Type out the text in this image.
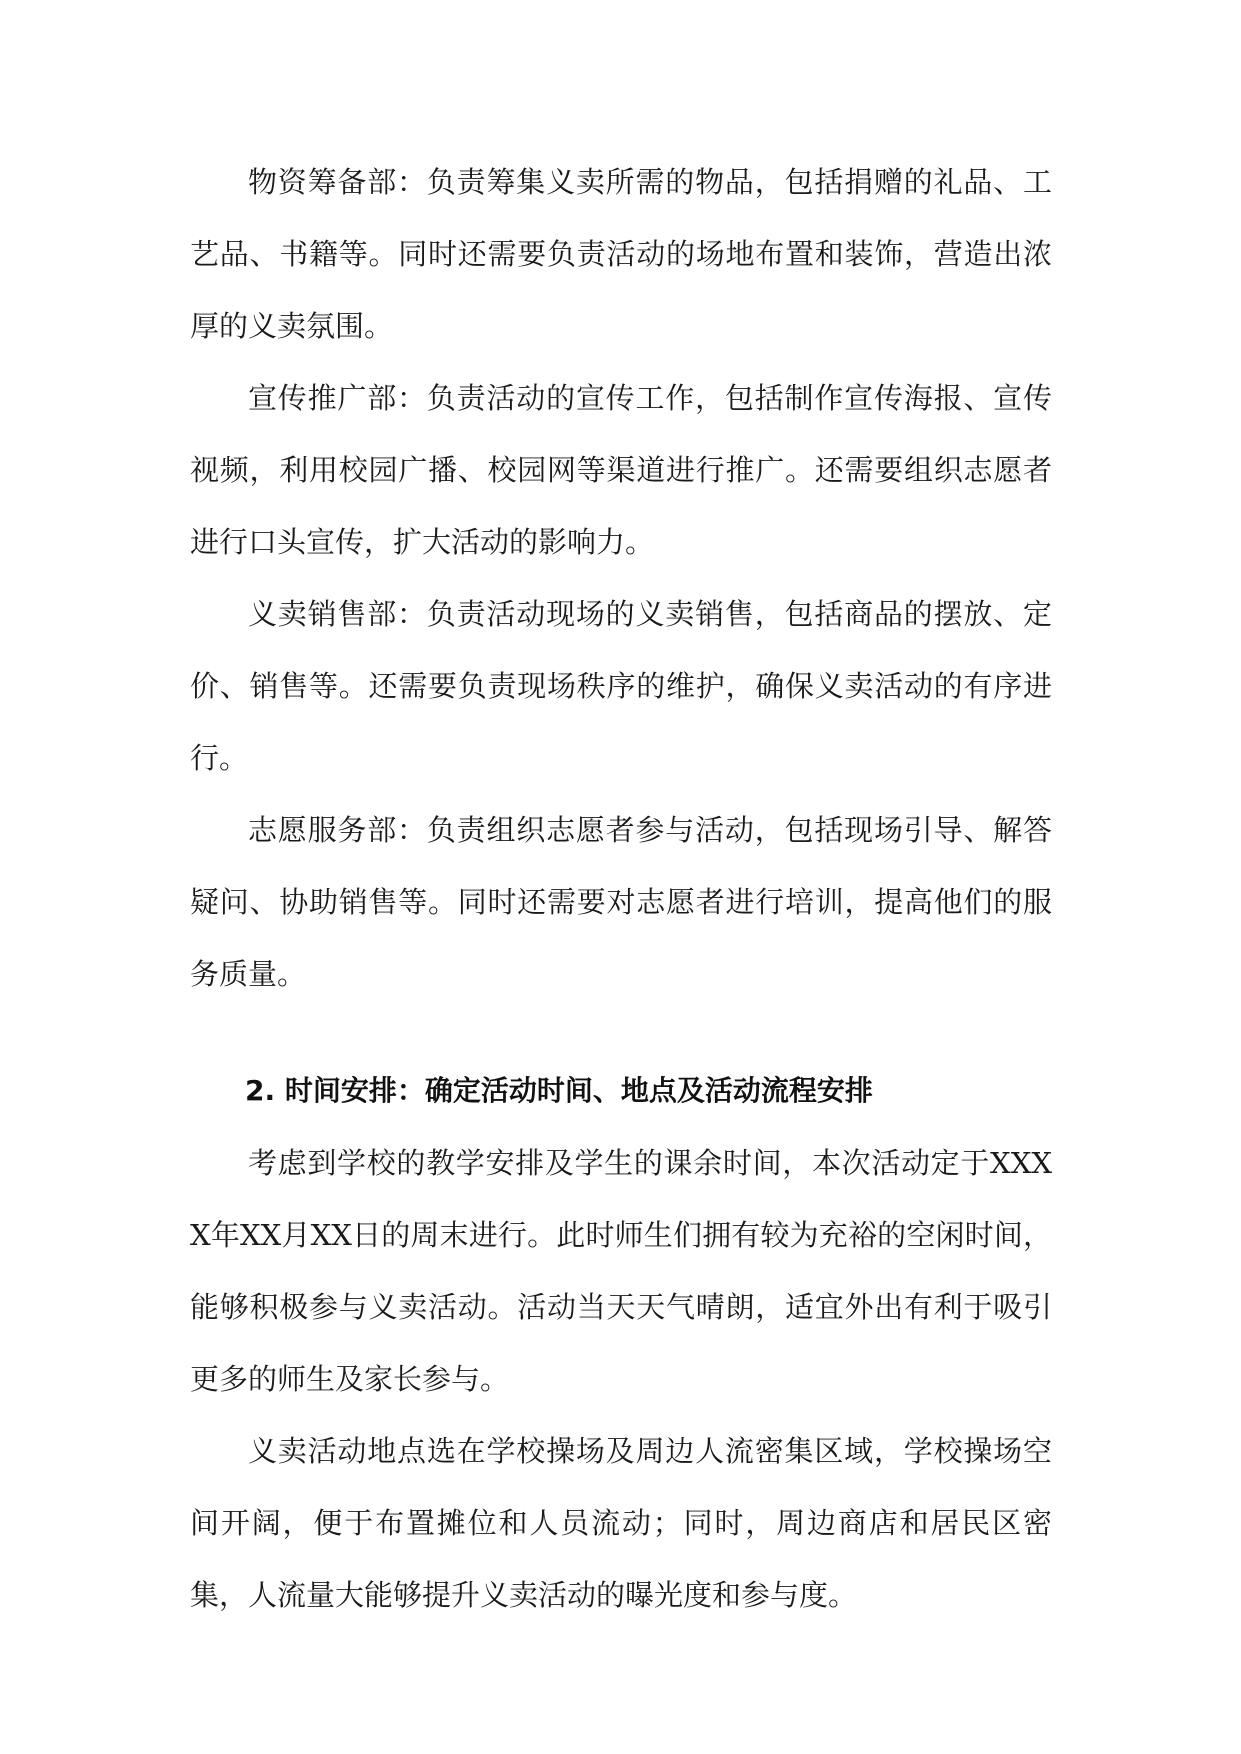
物资筹备部：负责筹集义卖所需的物品，包括捐赠的礼品、工艺品、书籍等。同时还需要负责活动的场地布置和装饰，营造出浓厚的义卖氛围。

宣传推广部：负责活动的宣传工作，包括制作宣传海报、宣传视频，利用校园广播、校园网等渠道进行推广。还需要组织志愿者进行口头宣传，扩大活动的影响力。

义卖销售部：负责活动现场的义卖销售，包括商品的摆放、定价、销售等。还需要负责现场秩序的维护，确保义卖活动的有序进行。

志愿服务部：负责组织志愿者参与活动，包括现场引导、解答疑问、协助销售等。同时还需要对志愿者进行培训，提高他们的服务质量。

2. 时间安排：确定活动时间、地点及活动流程安排

考虑到学校的教学安排及学生的课余时间，本次活动定于XXXX年XX月XX日的周末进行。此时师生们拥有较为充裕的空闲时间，能够积极参与义卖活动。活动当天天气晴朗，适宜外出有利于吸引更多的师生及家长参与。

义卖活动地点选在学校操场及周边人流密集区域，学校操场空间开阔，便于布置摊位和人员流动；同时，周边商店和居民区密集，人流量大能够提升义卖活动的曝光度和参与度。
